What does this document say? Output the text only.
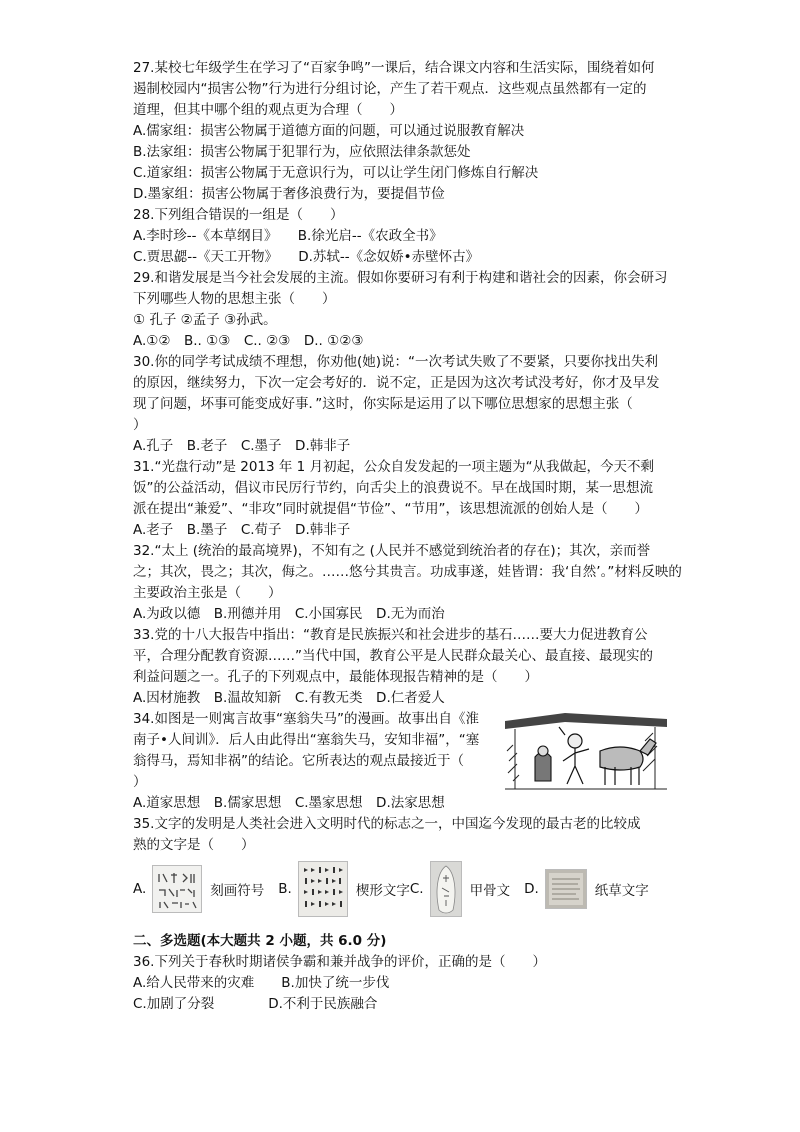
27.某校七年级学生在学习了“百家争鸣”一课后，结合课文内容和生活实际，围绕着如何
遏制校园内“损害公物”行为进行分组讨论，产生了若干观点．这些观点虽然都有一定的
道理，但其中哪个组的观点更为合理（　　）
A.儒家组：损害公物属于道德方面的问题，可以通过说服教育解决
B.法家组：损害公物属于犯罪行为，应依照法律条款惩处
C.道家组：损害公物属于无意识行为，可以让学生闭门修炼自行解决
D.墨家组：损害公物属于奢侈浪费行为，要提倡节俭
28.下列组合错误的一组是（　　）
A.李时珍--《本草纲目》　　B.徐光启--《农政全书》
C.贾思勰--《天工开物》　　D.苏轼--《念奴娇•赤壁怀古》
29.和谐发展是当今社会发展的主流。假如你要研习有利于构建和谐社会的因素，你会研习
下列哪些人物的思想主张（　　）
① 孔子 ②孟子 ③孙武。
A.①②　B.. ①③　C.. ②③　D.. ①②③
30.你的同学考试成绩不理想，你劝他(她)说：“一次考试失败了不要紧，只要你找出失利
的原因，继续努力，下次一定会考好的．说不定，正是因为这次考试没考好，你才及早发
现了问题，坏事可能变成好事．”这时，你实际是运用了以下哪位思想家的思想主张（
）
A.孔子　B.老子　C.墨子　D.韩非子
31.“光盘行动”是 2013 年 1 月初起，公众自发发起的一项主题为“从我做起，今天不剩
饭”的公益活动，倡议市民厉行节约，向舌尖上的浪费说不。早在战国时期，某一思想流
派在提出“兼爱”、“非攻”同时就提倡“节俭”、“节用”，该思想流派的创始人是（　　）
A.老子　B.墨子　C.荀子　D.韩非子
32.“太上 (统治的最高境界)，不知有之 (人民并不感觉到统治者的存在)；其次，亲而誉
之；其次，畏之；其次，侮之。……悠兮其贵言。功成事遂，娃皆谓：我‘自然’。”材料反映的
主要政治主张是（　　）
A.为政以德　B.刑德并用　C.小国寡民　D.无为而治
33.党的十八大报告中指出：“教育是民族振兴和社会进步的基石……要大力促进教育公
平，合理分配教育资源……”当代中国，教育公平是人民群众最关心、最直接、最现实的
利益问题之一。孔子的下列观点中，最能体现报告精神的是（　　）
A.因材施教　B.温故知新　C.有教无类　D.仁者爱人
34.如图是一则寓言故事“塞翁失马”的漫画。故事出自《淮
南子•人间训》．后人由此得出“塞翁失马，安知非福”，“塞
翁得马，焉知非祸”的结论。它所表达的观点最接近于（
）
A.道家思想　B.儒家思想　C.墨家思想　D.法家思想
35.文字的发明是人类社会进入文明时代的标志之一，中国迄今发现的最古老的比较成
熟的文字是（　　）
A.	刻画符号 B.	楔形文字 C.	甲骨文 D.	纸草文字
二、多选题(本大题共 2 小题，共 6.0 分)
36.下列关于春秋时期诸侯争霸和兼并战争的评价，正确的是（　　）
A.给人民带来的灾难　　B.加快了统一步伐
C.加剧了分裂　　　　D.不利于民族融合
